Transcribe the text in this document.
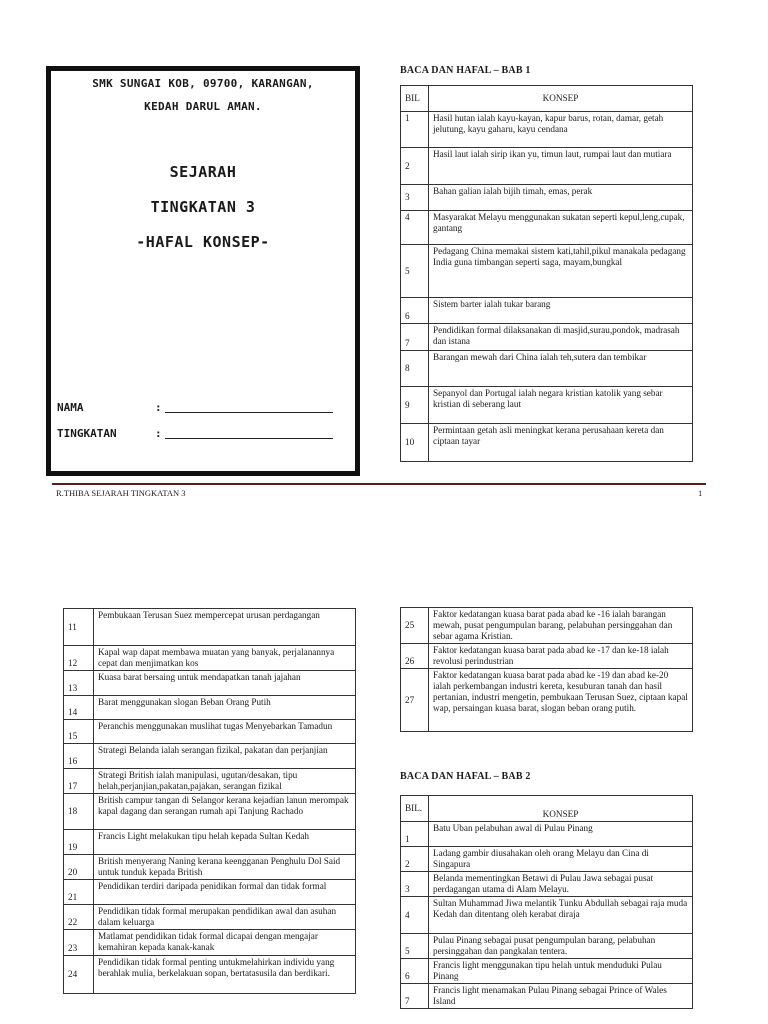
SMK SUNGAI KOB, 09700, KARANGAN,
KEDAH DARUL AMAN.
SEJARAH
TINGKATAN 3
-HAFAL KONSEP-
NAMA	:
TINGKATAN	:
BACA DAN HAFAL – BAB 1
BIL	KONSEP
1	Hasil hutan ialah kayu-kayan, kapur barus, rotan, damar, getah jelutung, kayu gaharu, kayu cendana
2	Hasil laut ialah sirip ikan yu, timun laut, rumpai laut dan mutiara
3	Bahan galian ialah bijih timah, emas, perak
4	Masyarakat Melayu menggunakan sukatan seperti kepul,leng,cupak, gantang
5	Pedagang China memakai sistem kati,tahil,pikul manakala pedagang India guna timbangan seperti saga, mayam,bungkal
6	Sistem barter ialah tukar barang
7	Pendidikan formal dilaksanakan di masjid,surau,pondok, madrasah dan istana
8	Barangan mewah dari China ialah teh,sutera dan tembikar
9	Sepanyol dan Portugal ialah negara kristian katolik yang sebar kristian di seberang laut
10	Permintaan getah asli meningkat kerana perusahaan kereta dan ciptaan tayar
R.THIBA SEJARAH TINGKATAN 3	1
11	Pembukaan Terusan Suez mempercepat urusan perdagangan
12	Kapal wap dapat membawa muatan yang banyak, perjalanannya cepat dan menjimatkan kos
13	Kuasa barat bersaing untuk mendapatkan tanah jajahan
14	Barat menggunakan slogan Beban Orang Putih
15	Peranchis menggunakan muslihat tugas Menyebarkan Tamadun
16	Strategi Belanda ialah serangan fizikal, pakatan dan perjanjian
17	Strategi British ialah manipulasi, ugutan/desakan, tipu helah,perjanjian,pakatan,pajakan, serangan fizikal
18	British campur tangan di Selangor kerana kejadian lanun merompak kapal dagang dan serangan rumah api Tanjung Rachado
19	Francis Light melakukan tipu helah kepada Sultan Kedah
20	British menyerang Naning kerana keengganan Penghulu Dol Said untuk tunduk kepada British
21	Pendidikan terdiri daripada penidikan formal dan tidak formal
22	Pendidikan tidak formal merupakan pendidikan awal dan asuhan dalam keluarga
23	Matlamat pendidikan tidak formal dicapai dengan mengajar kemahiran kepada kanak-kanak
24	Pendidikan tidak formal penting untukmelahirkan individu yang berahlak mulia, berkelakuan sopan, bertatasusila dan berdikari.
25	Faktor kedatangan kuasa barat pada abad ke -16 ialah barangan mewah, pusat pengumpulan barang, pelabuhan persinggahan dan sebar agama Kristian.
26	Faktor kedatangan kuasa barat pada abad ke -17 dan ke-18 ialah revolusi perindustrian
27	Faktor kedatangan kuasa barat pada abad ke -19 dan abad ke-20 ialah perkembangan industri kereta, kesuburan tanah dan hasil pertanian, industri mengetin, pembukaan Terusan Suez, ciptaan kapal wap, persaingan kuasa barat, slogan beban orang putih.
BACA DAN HAFAL – BAB 2
BIL.	KONSEP
1	Batu Uban pelabuhan awal di Pulau Pinang
2	Ladang gambir diusahakan oleh orang Melayu dan Cina di Singapura
3	Belanda mementingkan Betawi di Pulau Jawa sebagai pusat perdagangan utama di Alam Melayu.
4	Sultan Muhammad Jiwa melantik Tunku Abdullah sebagai raja muda Kedah dan ditentang oleh kerabat diraja
5	Pulau Pinang sebagai pusat pengumpulan barang, pelabuhan persinggahan dan pangkalan tentera.
6	Francis light menggunakan tipu helah untuk menduduki Pulau Pinang
7	Francis light menamakan Pulau Pinang sebagai Prince of Wales Island
